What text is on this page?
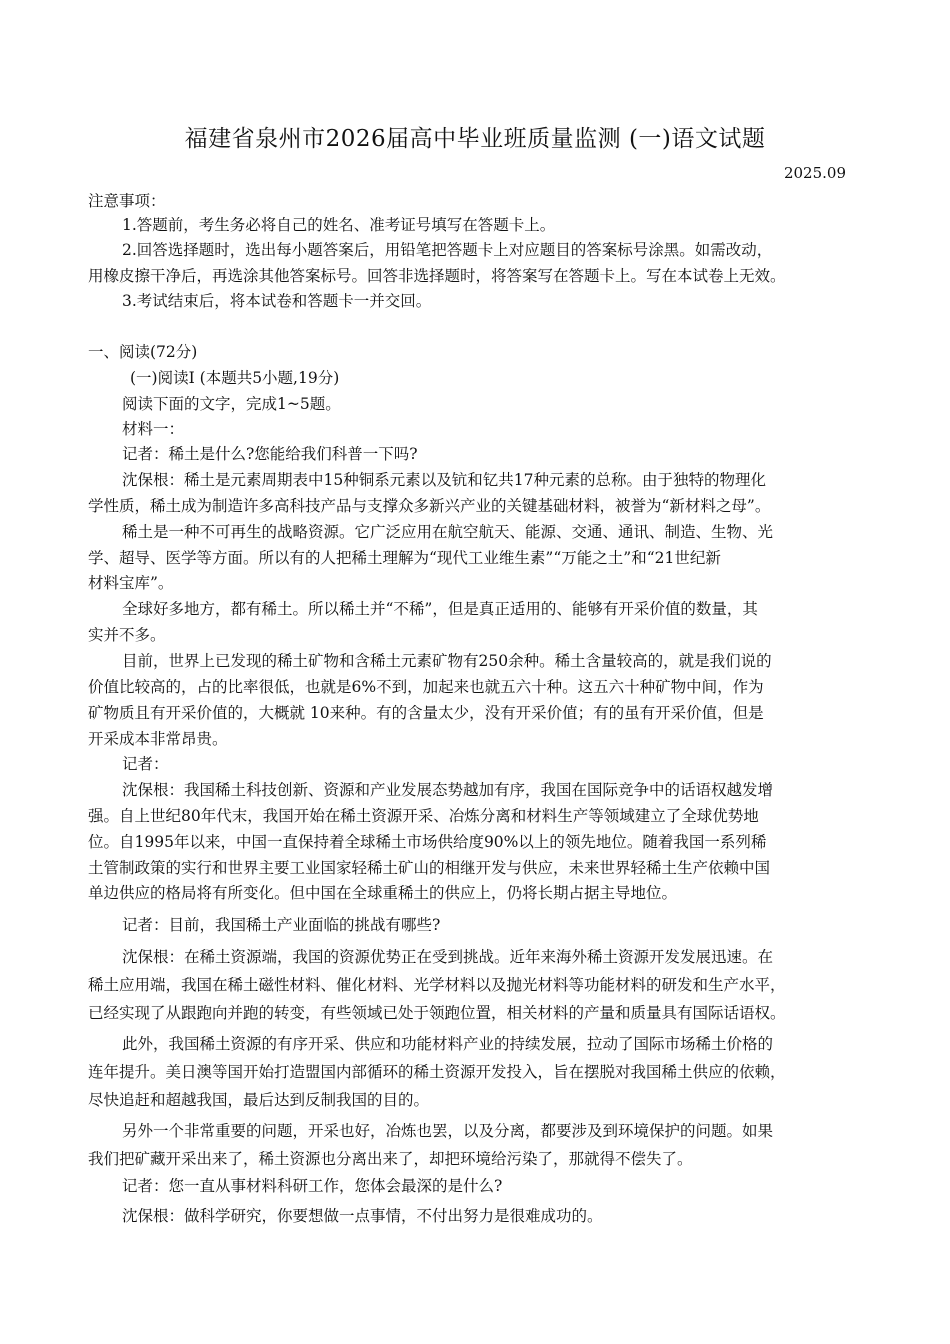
福建省泉州市2026届高中毕业班质量监测 (一)语文试题
2025.09
注意事项：
1.答题前，考生务必将自己的姓名、准考证号填写在答题卡上。
2.回答选择题时，选出每小题答案后，用铅笔把答题卡上对应题目的答案标号涂黑。如需改动，
用橡皮擦干净后，再选涂其他答案标号。回答非选择题时，将答案写在答题卡上。写在本试卷上无效。
3.考试结束后，将本试卷和答题卡一并交回。
一、阅读(72分)
(一)阅读Ⅰ (本题共5小题,19分)
阅读下面的文字，完成1~5题。
材料一：
记者：稀土是什么?您能给我们科普一下吗?
沈保根：稀土是元素周期表中15种铜系元素以及钪和钇共17种元素的总称。由于独特的物理化
学性质，稀土成为制造许多高科技产品与支撑众多新兴产业的关键基础材料，被誉为“新材料之母”。
稀土是一种不可再生的战略资源。它广泛应用在航空航天、能源、交通、通讯、制造、生物、光
学、超导、医学等方面。所以有的人把稀土理解为“现代工业维生素”“万能之土”和“21世纪新
材料宝库”。
全球好多地方，都有稀土。所以稀土并“不稀”，但是真正适用的、能够有开采价值的数量，其
实并不多。
目前，世界上已发现的稀土矿物和含稀土元素矿物有250余种。稀土含量较高的，就是我们说的
价值比较高的，占的比率很低，也就是6%不到，加起来也就五六十种。这五六十种矿物中间，作为
矿物质且有开采价值的，大概就 10来种。有的含量太少，没有开采价值；有的虽有开采价值，但是
开采成本非常昂贵。
记者：
沈保根：我国稀土科技创新、资源和产业发展态势越加有序，我国在国际竞争中的话语权越发增
强。自上世纪80年代末，我国开始在稀土资源开采、冶炼分离和材料生产等领域建立了全球优势地
位。自1995年以来，中国一直保持着全球稀土市场供给度90%以上的领先地位。随着我国一系列稀
土管制政策的实行和世界主要工业国家轻稀土矿山的相继开发与供应，未来世界轻稀土生产依赖中国
单边供应的格局将有所变化。但中国在全球重稀土的供应上，仍将长期占据主导地位。
记者：目前，我国稀土产业面临的挑战有哪些?
沈保根：在稀土资源端，我国的资源优势正在受到挑战。近年来海外稀土资源开发发展迅速。在
稀土应用端，我国在稀土磁性材料、催化材料、光学材料以及抛光材料等功能材料的研发和生产水平，
已经实现了从跟跑向并跑的转变，有些领域已处于领跑位置，相关材料的产量和质量具有国际话语权。
此外，我国稀土资源的有序开采、供应和功能材料产业的持续发展，拉动了国际市场稀土价格的
连年提升。美日澳等国开始打造盟国内部循环的稀土资源开发投入，旨在摆脱对我国稀土供应的依赖，
尽快追赶和超越我国，最后达到反制我国的目的。
另外一个非常重要的问题，开采也好，冶炼也罢，以及分离，都要涉及到环境保护的问题。如果
我们把矿藏开采出来了，稀土资源也分离出来了，却把环境给污染了，那就得不偿失了。
记者：您一直从事材料科研工作，您体会最深的是什么?
沈保根：做科学研究，你要想做一点事情，不付出努力是很难成功的。
